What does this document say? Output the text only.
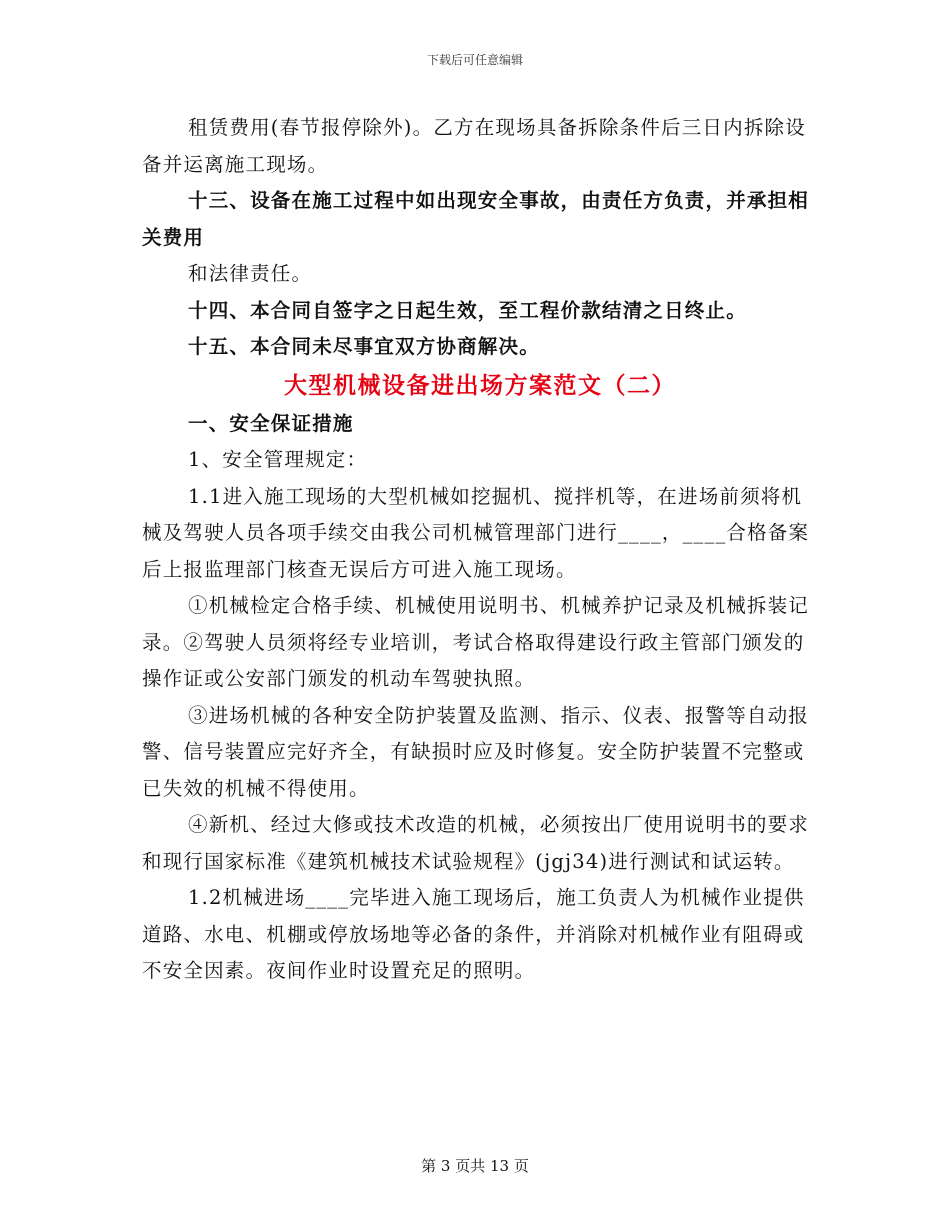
下载后可任意编辑

租赁费用(春节报停除外)。乙方在现场具备拆除条件后三日内拆除设备并运离施工现场。

十三、设备在施工过程中如出现安全事故，由责任方负责，并承担相关费用

和法律责任。

十四、本合同自签字之日起生效，至工程价款结清之日终止。

十五、本合同未尽事宜双方协商解决。

大型机械设备进出场方案范文（二）

一、安全保证措施

1、安全管理规定：

1.1进入施工现场的大型机械如挖掘机、搅拌机等，在进场前须将机械及驾驶人员各项手续交由我公司机械管理部门进行____，____合格备案后上报监理部门核查无误后方可进入施工现场。

①机械检定合格手续、机械使用说明书、机械养护记录及机械拆装记录。②驾驶人员须将经专业培训，考试合格取得建设行政主管部门颁发的操作证或公安部门颁发的机动车驾驶执照。

③进场机械的各种安全防护装置及监测、指示、仪表、报警等自动报警、信号装置应完好齐全，有缺损时应及时修复。安全防护装置不完整或已失效的机械不得使用。

④新机、经过大修或技术改造的机械，必须按出厂使用说明书的要求和现行国家标准《建筑机械技术试验规程》(jgj34)进行测试和试运转。

1.2机械进场____完毕进入施工现场后，施工负责人为机械作业提供道路、水电、机棚或停放场地等必备的条件，并消除对机械作业有阻碍或不安全因素。夜间作业时设置充足的照明。

第 3 页共 13 页
